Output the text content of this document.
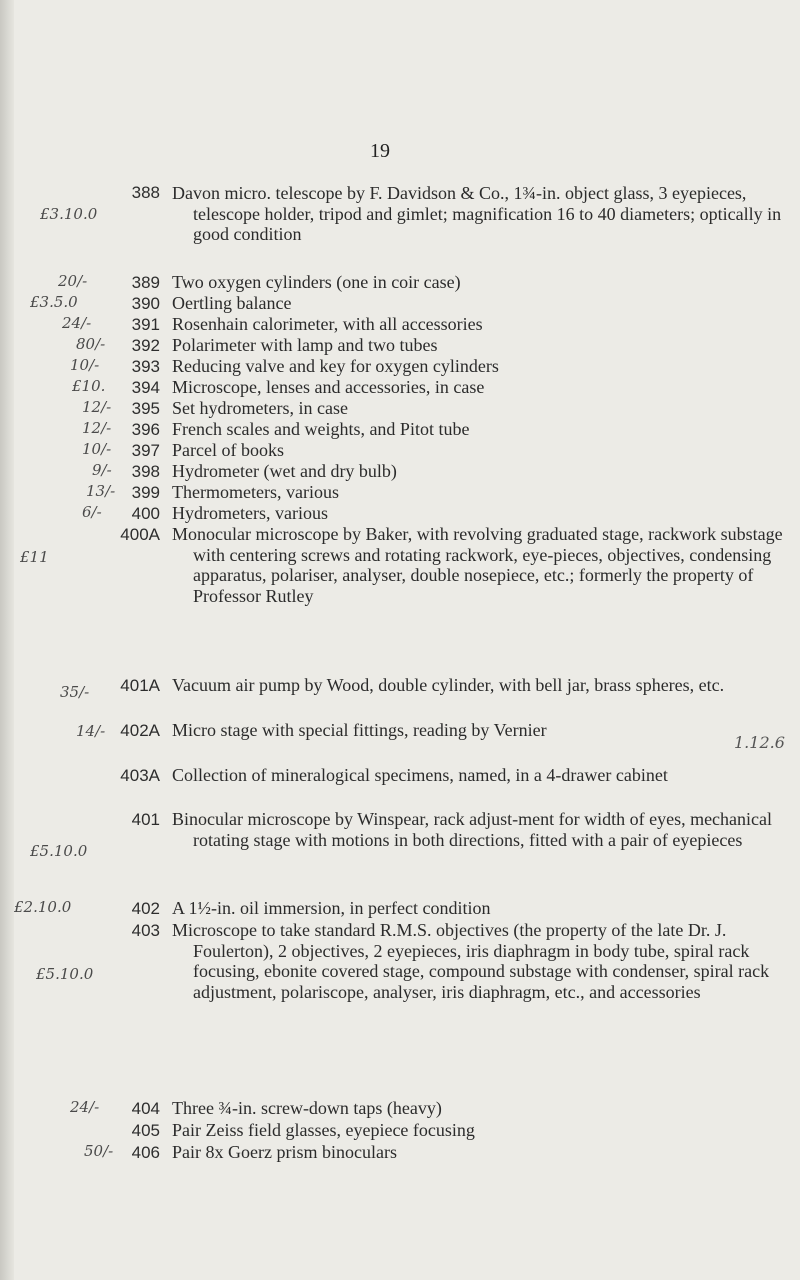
19
388 Davon micro. telescope by F. Davidson & Co., 1¾-in. object glass, 3 eyepieces, telescope holder, tripod and gimlet; magnification 16 to 40 diameters; optically in good condition
£3.10.0
389 Two oxygen cylinders (one in coir case)
20/-
390 Oertling balance
£3.5.0
391 Rosenhain calorimeter, with all accessories
24/-
392 Polarimeter with lamp and two tubes
80/-
393 Reducing valve and key for oxygen cylinders
10/-
394 Microscope, lenses and accessories, in case
£10.
395 Set hydrometers, in case
12/-
396 French scales and weights, and Pitot tube
12/-
397 Parcel of books
10/-
398 Hydrometer (wet and dry bulb)
9/-
399 Thermometers, various
13/-
400 Hydrometers, various
6/-
400A Monocular microscope by Baker, with revolving graduated stage, rackwork substage with centering screws and rotating rackwork, eye-pieces, objectives, condensing apparatus, polariser, analyser, double nosepiece, etc.; formerly the property of Professor Rutley
£11
401A Vacuum air pump by Wood, double cylinder, with bell jar, brass spheres, etc.
35/-
402A Micro stage with special fittings, reading by Vernier
14/-
403A Collection of mineralogical specimens, named, in a 4-drawer cabinet
401 Binocular microscope by Winspear, rack adjust-ment for width of eyes, mechanical rotating stage with motions in both directions, fitted with a pair of eyepieces
£5.10.0
402 A 1½-in. oil immersion, in perfect condition
£2.10.0
403 Microscope to take standard R.M.S. objectives (the property of the late Dr. J. Foulerton), 2 objectives, 2 eyepieces, iris diaphragm in body tube, spiral rack focusing, ebonite covered stage, compound substage with condenser, spiral rack adjustment, polariscope, analyser, iris diaphragm, etc., and accessories
£5.10.0
404 Three ¾-in. screw-down taps (heavy)
24/-
405 Pair Zeiss field glasses, eyepiece focusing
406 Pair 8x Goerz prism binoculars
50/-
1.12.6
